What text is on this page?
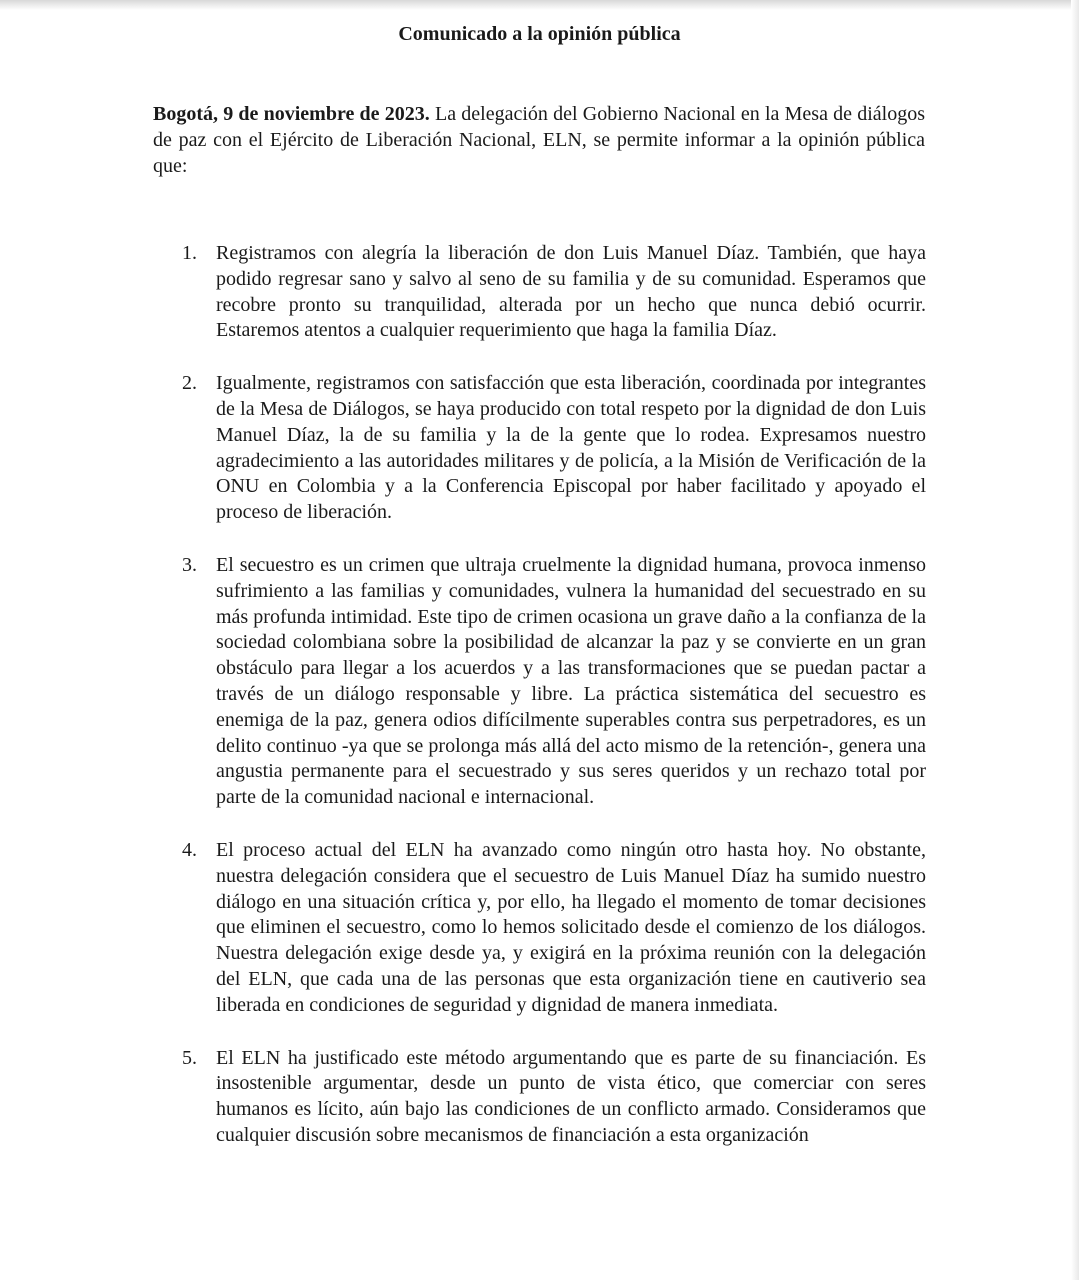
Comunicado a la opinión pública
Bogotá, 9 de noviembre de 2023. La delegación del Gobierno Nacional en la Mesa de diálogos de paz con el Ejército de Liberación Nacional, ELN, se permite informar a la opinión pública que:
1. Registramos con alegría la liberación de don Luis Manuel Díaz. También, que haya podido regresar sano y salvo al seno de su familia y de su comunidad. Esperamos que recobre pronto su tranquilidad, alterada por un hecho que nunca debió ocurrir. Estaremos atentos a cualquier requerimiento que haga la familia Díaz.
2. Igualmente, registramos con satisfacción que esta liberación, coordinada por integrantes de la Mesa de Diálogos, se haya producido con total respeto por la dignidad de don Luis Manuel Díaz, la de su familia y la de la gente que lo rodea. Expresamos nuestro agradecimiento a las autoridades militares y de policía, a la Misión de Verificación de la ONU en Colombia y a la Conferencia Episcopal por haber facilitado y apoyado el proceso de liberación.
3. El secuestro es un crimen que ultraja cruelmente la dignidad humana, provoca inmenso sufrimiento a las familias y comunidades, vulnera la humanidad del secuestrado en su más profunda intimidad. Este tipo de crimen ocasiona un grave daño a la confianza de la sociedad colombiana sobre la posibilidad de alcanzar la paz y se convierte en un gran obstáculo para llegar a los acuerdos y a las transformaciones que se puedan pactar a través de un diálogo responsable y libre. La práctica sistemática del secuestro es enemiga de la paz, genera odios difícilmente superables contra sus perpetradores, es un delito continuo -ya que se prolonga más allá del acto mismo de la retención-, genera una angustia permanente para el secuestrado y sus seres queridos y un rechazo total por parte de la comunidad nacional e internacional.
4. El proceso actual del ELN ha avanzado como ningún otro hasta hoy. No obstante, nuestra delegación considera que el secuestro de Luis Manuel Díaz ha sumido nuestro diálogo en una situación crítica y, por ello, ha llegado el momento de tomar decisiones que eliminen el secuestro, como lo hemos solicitado desde el comienzo de los diálogos. Nuestra delegación exige desde ya, y exigirá en la próxima reunión con la delegación del ELN, que cada una de las personas que esta organización tiene en cautiverio sea liberada en condiciones de seguridad y dignidad de manera inmediata.
5. El ELN ha justificado este método argumentando que es parte de su financiación. Es insostenible argumentar, desde un punto de vista ético, que comerciar con seres humanos es lícito, aún bajo las condiciones de un conflicto armado. Consideramos que cualquier discusión sobre mecanismos de financiación a esta organización
